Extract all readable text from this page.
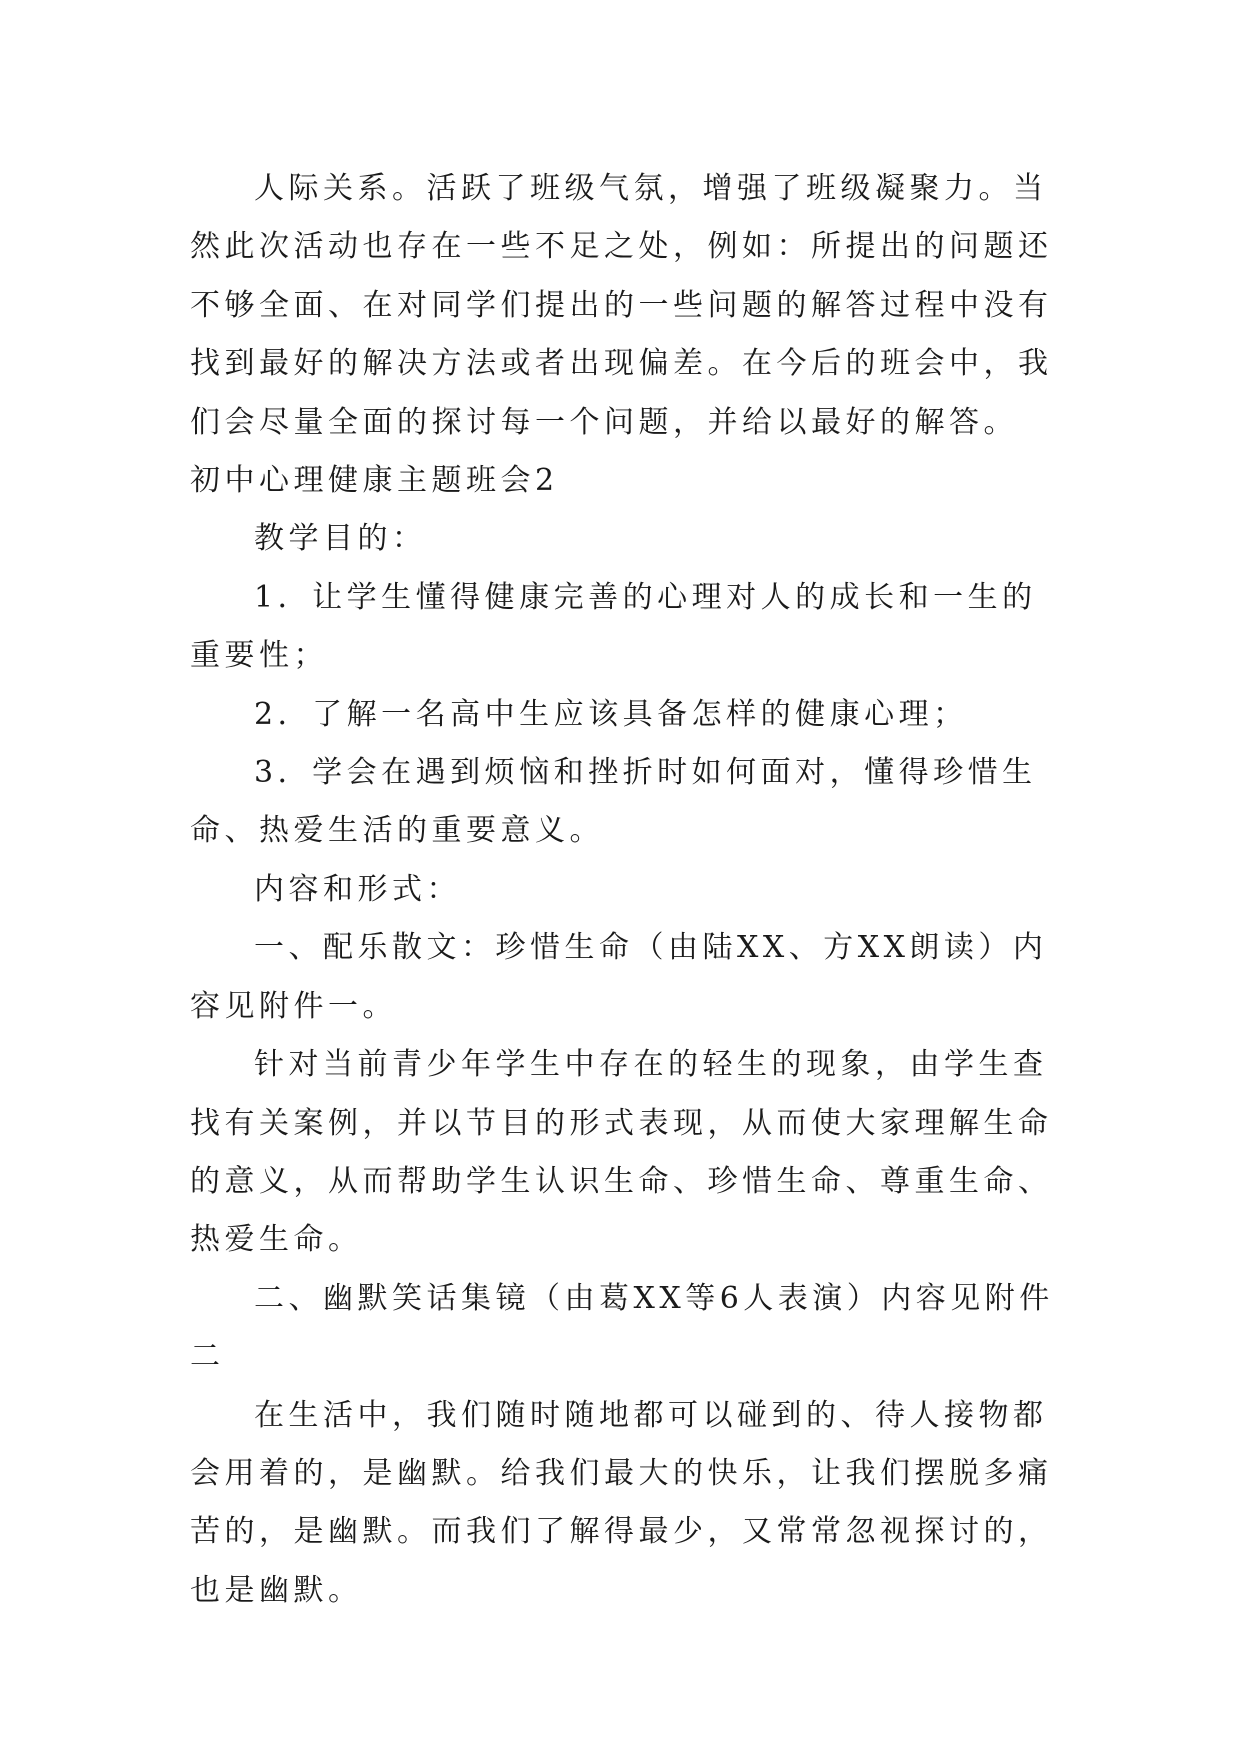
人际关系。活跃了班级气氛，增强了班级凝聚力。当然此次活动也存在一些不足之处，例如：所提出的问题还不够全面、在对同学们提出的一些问题的解答过程中没有找到最好的解决方法或者出现偏差。在今后的班会中，我们会尽量全面的探讨每一个问题，并给以最好的解答。

初中心理健康主题班会2

教学目的：

1．让学生懂得健康完善的心理对人的成长和一生的重要性；

2．了解一名高中生应该具备怎样的健康心理；

3．学会在遇到烦恼和挫折时如何面对，懂得珍惜生命、热爱生活的重要意义。

内容和形式：

一、配乐散文：珍惜生命（由陆XX、方XX朗读）内容见附件一。

针对当前青少年学生中存在的轻生的现象，由学生查找有关案例，并以节目的形式表现，从而使大家理解生命的意义，从而帮助学生认识生命、珍惜生命、尊重生命、热爱生命。

二、幽默笑话集镜（由葛XX等6人表演）内容见附件二

在生活中，我们随时随地都可以碰到的、待人接物都会用着的，是幽默。给我们最大的快乐，让我们摆脱多痛苦的，是幽默。而我们了解得最少，又常常忽视探讨的，也是幽默。
